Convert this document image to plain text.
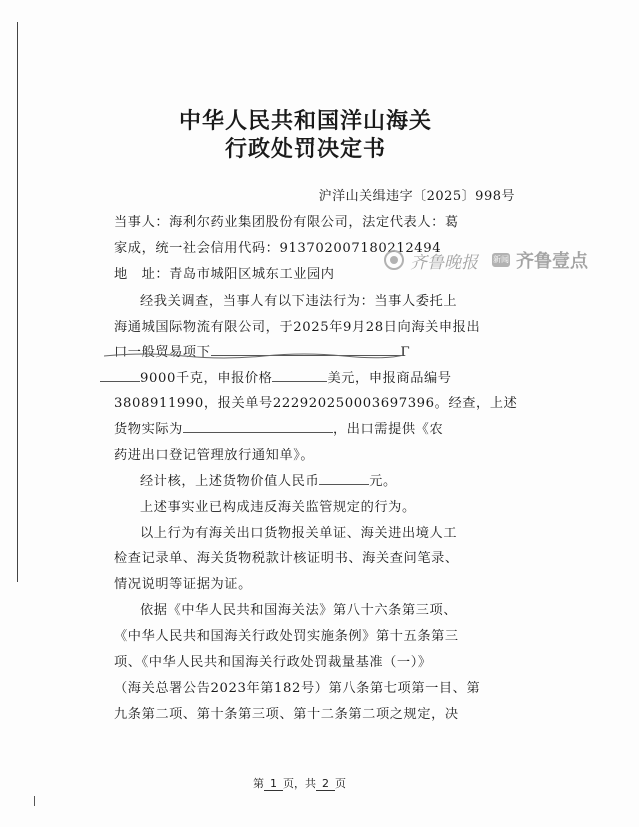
中华人民共和国洋山海关
行政处罚决定书
沪洋山关缉违字〔2025〕998号
当事人：海利尔药业集团股份有限公司，法定代表人：葛
家成，统一社会信用代码：913702007180212494
地　址：青岛市城阳区城东工业园内
齐鲁晚报 新闻 齐鲁壹点
经我关调查，当事人有以下违法行为：当事人委托上
海通城国际物流有限公司，于2025年9月28日向海关申报出
口一般贸易项下	Γ
9000千克，申报价格	美元，申报商品编号
3808911990，报关单号222920250003697396。经查，上述
货物实际为	，出口需提供《农
药进出口登记管理放行通知单》。
经计核，上述货物价值人民币	元。
上述事实业已构成违反海关监管规定的行为。
以上行为有海关出口货物报关单证、海关进出境人工
检查记录单、海关货物税款计核证明书、海关查问笔录、
情况说明等证据为证。
依据《中华人民共和国海关法》第八十六条第三项、
《中华人民共和国海关行政处罚实施条例》第十五条第三
项、《中华人民共和国海关行政处罚裁量基准（一）》
（海关总署公告2023年第182号）第八条第七项第一目、第
九条第二项、第十条第三项、第十二条第二项之规定，决
第 1 页，共 2 页
